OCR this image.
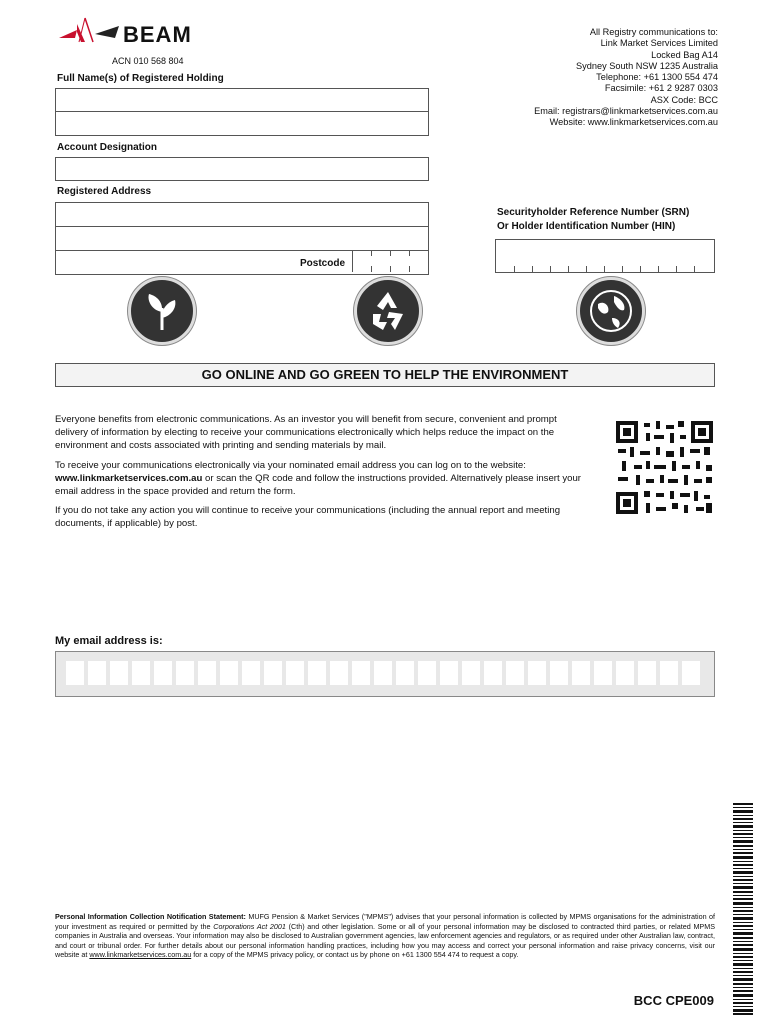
BEAM
ACN 010 568 804
All Registry communications to:
Link Market Services Limited
Locked Bag A14
Sydney South NSW 1235 Australia
Telephone: +61 1300 554 474
Facsimile: +61 2 9287 0303
ASX Code: BCC
Email: registrars@linkmarketservices.com.au
Website: www.linkmarketservices.com.au
Full Name(s) of Registered Holding
Account Designation
Registered Address
Postcode
Securityholder Reference Number (SRN)
Or Holder Identification Number (HIN)
GO ONLINE AND GO GREEN TO HELP THE ENVIRONMENT

Everyone benefits from electronic communications. As an investor you will benefit from secure, convenient and prompt delivery of information by electing to receive your communications electronically which helps reduce the impact on the environment and costs associated with printing and sending materials by mail.

To receive your communications electronically via your nominated email address you can log on to the website: www.linkmarketservices.com.au or scan the QR code and follow the instructions provided. Alternatively please insert your email address in the space provided and return the form.

If you do not take any action you will continue to receive your communications (including the annual report and meeting documents, if applicable) by post.

My email address is:
Personal Information Collection Notification Statement: MUFG Pension & Market Services ("MPMS") advises that your personal information is collected by MPMS organisations for the administration of your investment as required or permitted by the Corporations Act 2001 (Cth) and other legislation. Some or all of your personal information may be disclosed to contracted third parties, or related MPMS companies in Australia and overseas. Your information may also be disclosed to Australian government agencies, law enforcement agencies and regulators, or as required under other Australian law, contract, and court or tribunal order. For further details about our personal information handling practices, including how you may access and correct your personal information and raise privacy concerns, visit our website at www.linkmarketservices.com.au for a copy of the MPMS privacy policy, or contact us by phone on +61 1300 554 474 to request a copy.
BCC CPE009
